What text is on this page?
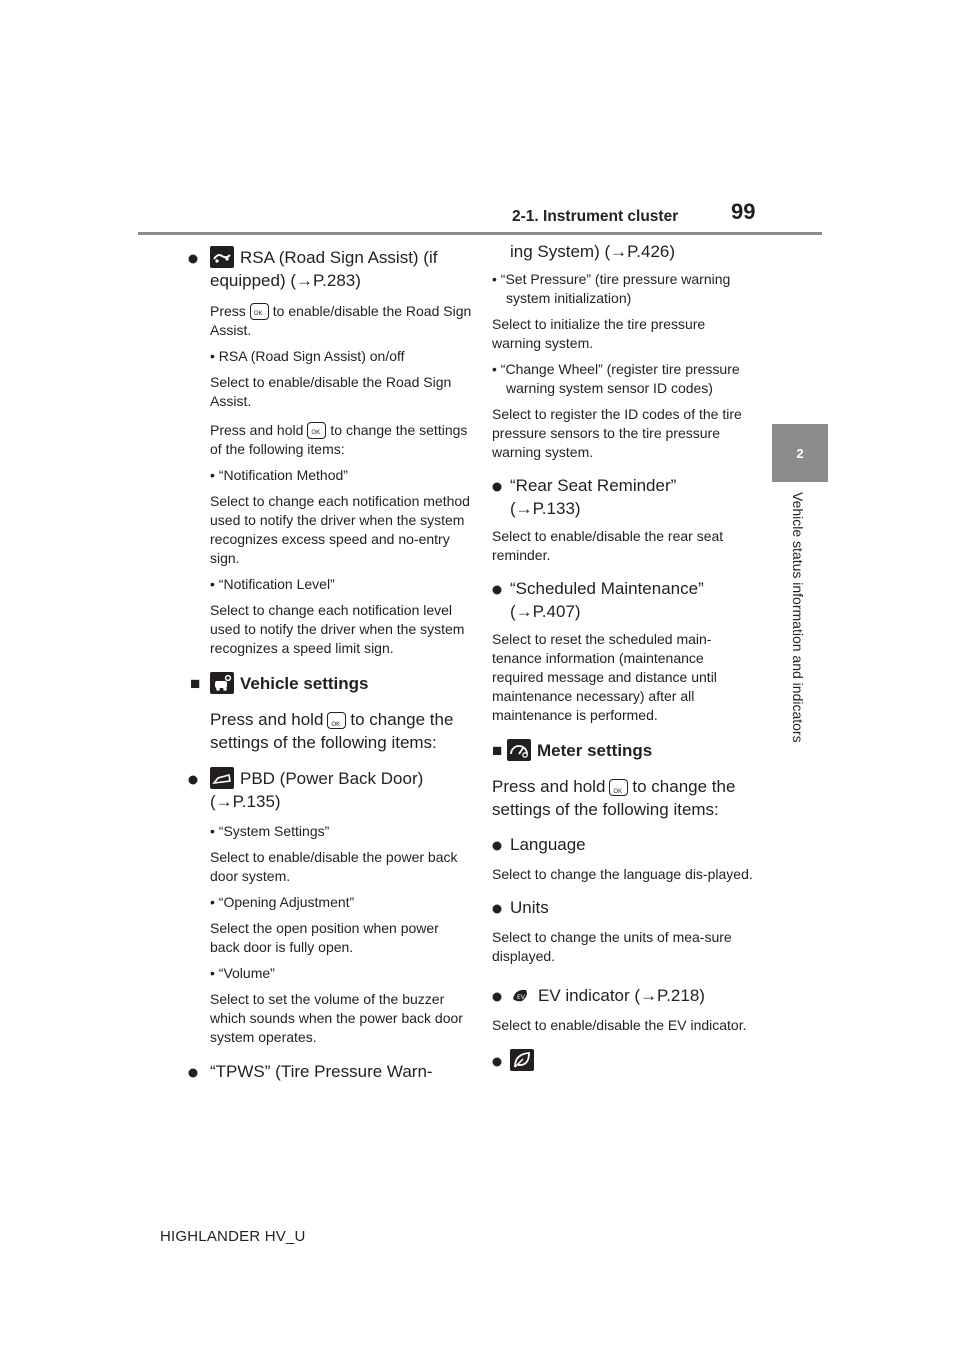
2-1. Instrument cluster 99
2
Vehicle status information and indicators
RSA (Road Sign Assist) (if equipped) (→P.283)
Press OK to enable/disable the Road Sign Assist.
• RSA (Road Sign Assist) on/off
Select to enable/disable the Road Sign Assist.
Press and hold OK to change the settings of the following items:
• “Notification Method”
Select to change each notification method used to notify the driver when the system recognizes excess speed and no-entry sign.
• “Notification Level”
Select to change each notification level used to notify the driver when the system recognizes a speed limit sign.
■ Vehicle settings
Press and hold OK to change the settings of the following items:
PBD (Power Back Door) (→P.135)
• “System Settings”
Select to enable/disable the power back door system.
• “Opening Adjustment”
Select the open position when power back door is fully open.
• “Volume”
Select to set the volume of the buzzer which sounds when the power back door system operates.
“TPWS” (Tire Pressure Warn-
ing System) (→P.426)
• “Set Pressure” (tire pressure warning system initialization)
Select to initialize the tire pressure warning system.
• “Change Wheel” (register tire pressure warning system sensor ID codes)
Select to register the ID codes of the tire pressure sensors to the tire pressure warning system.
“Rear Seat Reminder” (→P.133)
Select to enable/disable the rear seat reminder.
“Scheduled Maintenance” (→P.407)
Select to reset the scheduled main-tenance information (maintenance required message and distance until maintenance necessary) after all maintenance is performed.
■ Meter settings
Press and hold OK to change the settings of the following items:
Language
Select to change the language dis-played.
Units
Select to change the units of mea-sure displayed.
EV EV indicator (→P.218)
Select to enable/disable the EV indicator.
HIGHLANDER HV_U
